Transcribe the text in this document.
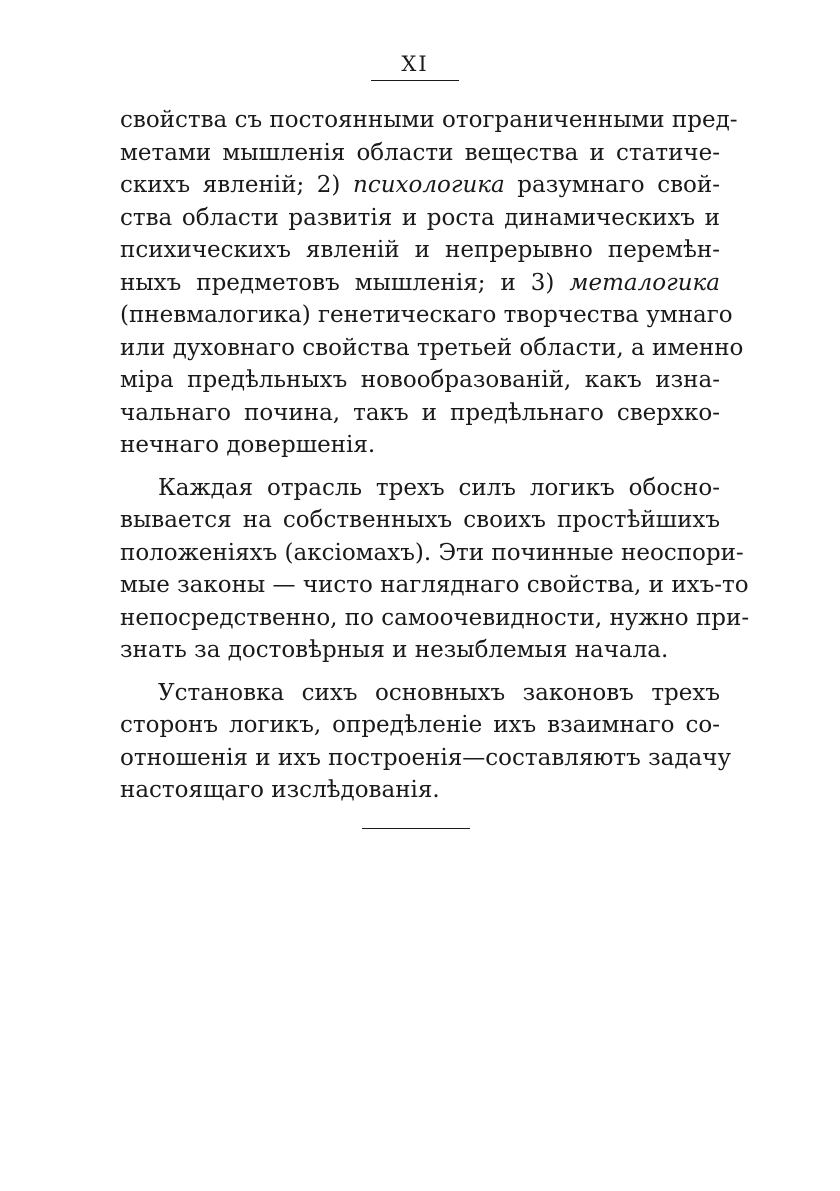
XI
свойства съ постоянными отограниченными пред-
метами мышленія области вещества и статиче-
скихъ явленій; 2) психологика разумнаго свой-
ства области развитія и роста динамическихъ и
психическихъ явленій и непрерывно перемѣн-
ныхъ предметовъ мышленія; и 3) металогика
(пневмалогика) генетическаго творчества умнаго
или духовнаго свойства третьей области, а именно
міра предѣльныхъ новообразованій, какъ изна-
чальнаго почина, такъ и предѣльнаго сверхко-
нечнаго довершенія.
Каждая отрасль трехъ силъ логикъ обосно-
вывается на собственныхъ своихъ простѣйшихъ
положеніяхъ (аксіомахъ). Эти починные неоспори-
мые законы — чисто нагляднаго свойства, и ихъ-то
непосредственно, по самоочевидности, нужно при-
знать за достовѣрныя и незыблемыя начала.
Установка сихъ основныхъ законовъ трехъ
сторонъ логикъ, опредѣленіе ихъ взаимнаго со-
отношенія и ихъ построенія—составляютъ задачу
настоящаго изслѣдованія.
